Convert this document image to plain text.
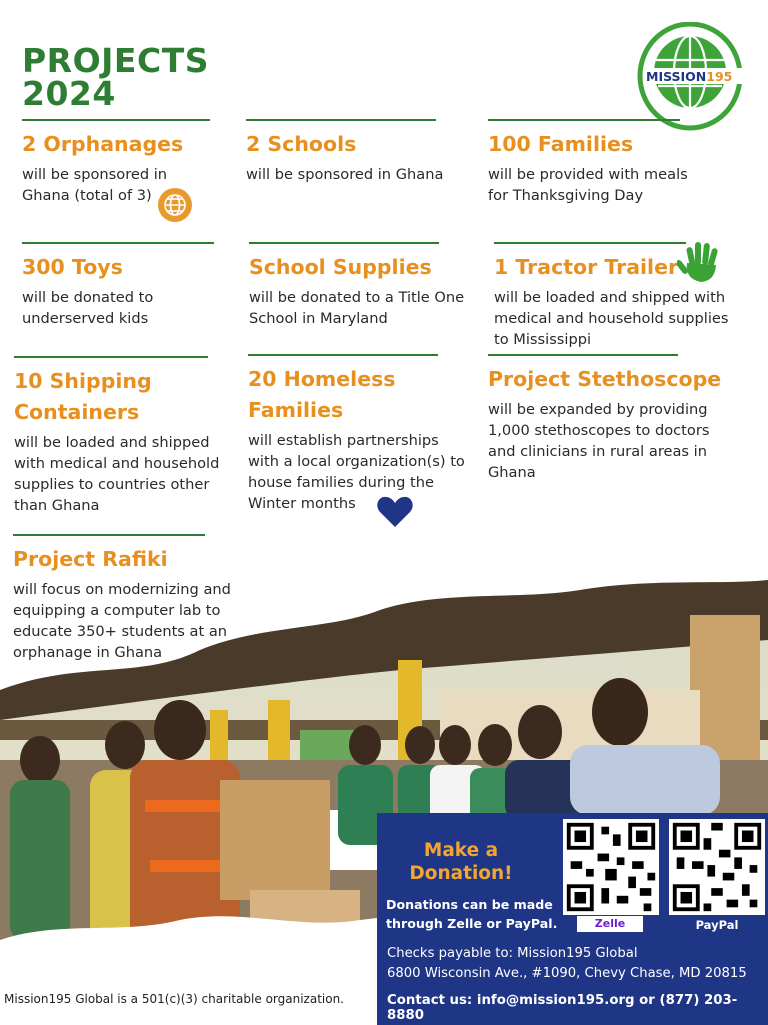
PROJECTS
2024	MISSION195
2 Orphanages

will be sponsored in Ghana (total of 3)

2 Schools

will be sponsored in Ghana

100 Families

will be provided with meals for Thanksgiving Day

300 Toys

will be donated to underserved kids

School Supplies

will be donated to a Title One School in Maryland

1 Tractor Trailer

will be loaded and shipped with medical and household supplies to Mississippi

10 Shipping Containers

will be loaded and shipped with medical and household supplies to countries other than Ghana

20 Homeless Families

will establish partnerships with a local organization(s) to house families during the Winter months

Project Stethoscope

will be expanded by providing 1,000 stethoscopes to doctors and clinicians in rural areas in Ghana

Project Rafiki

will focus on modernizing and equipping a computer lab to educate 350+ students at an orphanage in Ghana

Make a Donation!
Donations can be made through Zelle or PayPal.	Zelle	PayPal
Checks payable to: Mission195 Global
6800 Wisconsin Ave., #1090, Chevy Chase, MD 20815
Contact us: info@mission195.org or (877) 203-8880
Mission195 Global is a 501(c)(3) charitable organization.
